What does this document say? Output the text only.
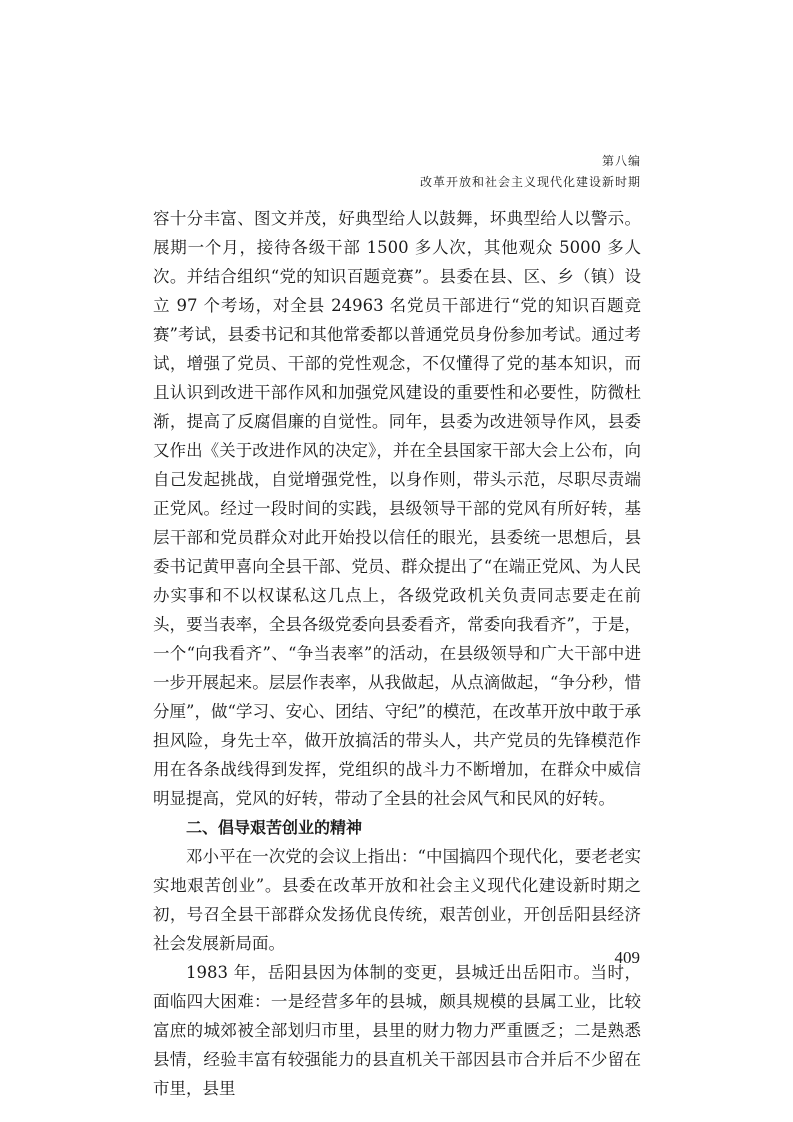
第八编
改革开放和社会主义现代化建设新时期

容十分丰富、图文并茂，好典型给人以鼓舞，坏典型给人以警示。展期一个月，接待各级干部 1500 多人次，其他观众 5000 多人次。并结合组织“党的知识百题竞赛”。县委在县、区、乡（镇）设立 97 个考场，对全县 24963 名党员干部进行“党的知识百题竞赛”考试，县委书记和其他常委都以普通党员身份参加考试。通过考试，增强了党员、干部的党性观念，不仅懂得了党的基本知识，而且认识到改进干部作风和加强党风建设的重要性和必要性，防微杜渐，提高了反腐倡廉的自觉性。同年，县委为改进领导作风，县委又作出《关于改进作风的决定》，并在全县国家干部大会上公布，向自己发起挑战，自觉增强党性，以身作则，带头示范，尽职尽责端正党风。经过一段时间的实践，县级领导干部的党风有所好转，基层干部和党员群众对此开始投以信任的眼光，县委统一思想后，县委书记黄甲喜向全县干部、党员、群众提出了“在端正党风、为人民办实事和不以权谋私这几点上，各级党政机关负责同志要走在前头，要当表率，全县各级党委向县委看齐，常委向我看齐”，于是，一个“向我看齐”、“争当表率”的活动，在县级领导和广大干部中进一步开展起来。层层作表率，从我做起，从点滴做起，“争分秒，惜分厘”，做“学习、安心、团结、守纪”的模范，在改革开放中敢于承担风险，身先士卒，做开放搞活的带头人，共产党员的先锋模范作用在各条战线得到发挥，党组织的战斗力不断增加，在群众中威信明显提高，党风的好转，带动了全县的社会风气和民风的好转。

二、倡导艰苦创业的精神

邓小平在一次党的会议上指出：“中国搞四个现代化，要老老实实地艰苦创业”。县委在改革开放和社会主义现代化建设新时期之初，号召全县干部群众发扬优良传统，艰苦创业，开创岳阳县经济社会发展新局面。

1983 年，岳阳县因为体制的变更，县城迁出岳阳市。当时，面临四大困难：一是经营多年的县城，颇具规模的县属工业，比较富庶的城郊被全部划归市里，县里的财力物力严重匮乏；二是熟悉县情，经验丰富有较强能力的县直机关干部因县市合并后不少留在市里，县里

409
